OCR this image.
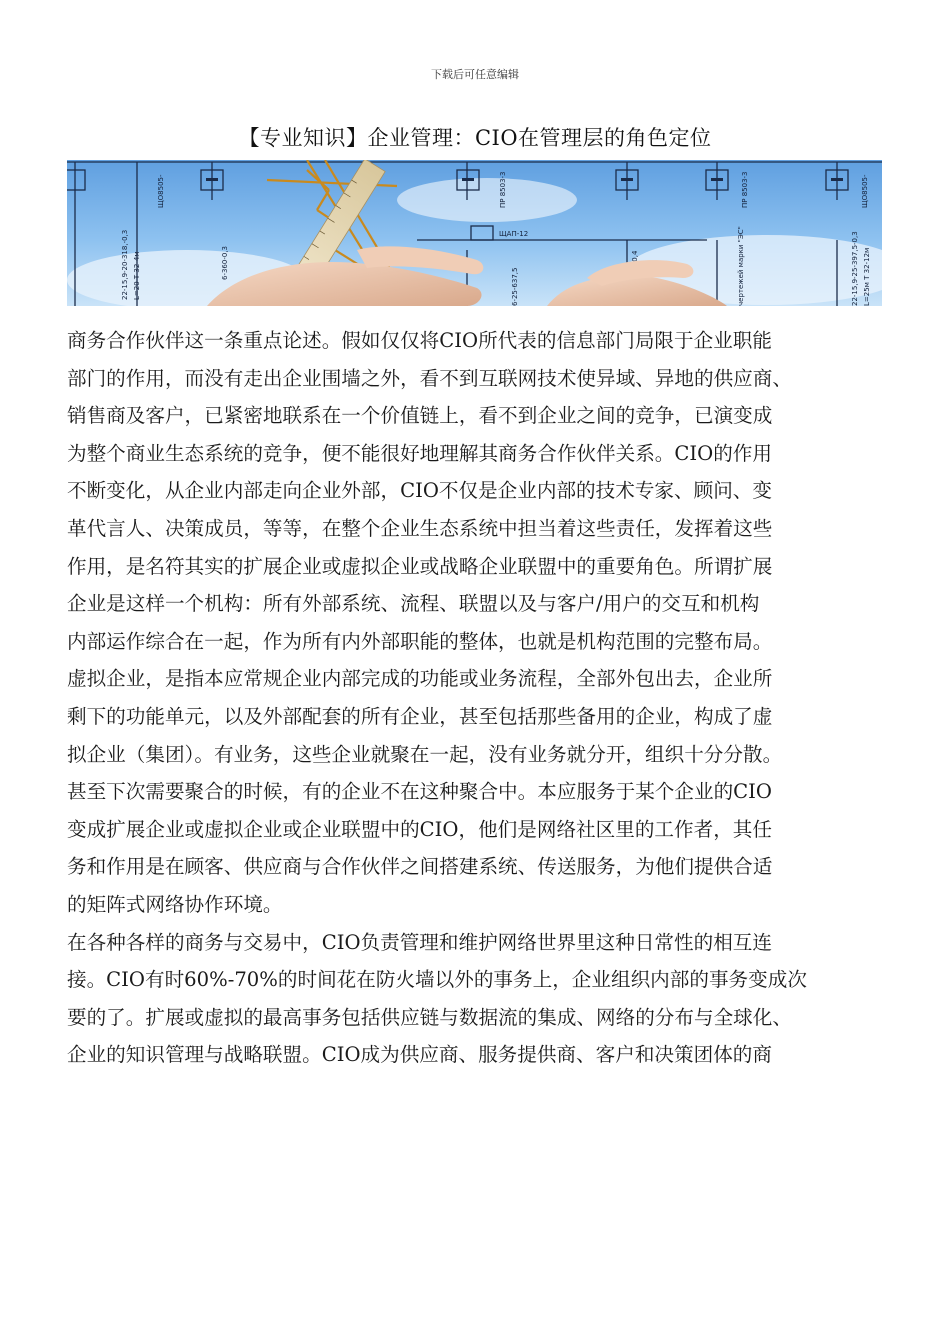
下载后可任意编辑
【专业知识】企业管理：CIO在管理层的角色定位
ЩО8505-	ПР 8503-3
ЩАП-12
ПР 8503-3	ЩО8505-
22-15,9-20-318,-0,3 L=20 T 32-4м	6-360-0,3
6-25-637,5	чертежей марки "ЭС"	22-15,9-25-397,5-0,3 L=25м T 32-12м

商务合作伙伴这一条重点论述。假如仅仅将CIO所代表的信息部门局限于企业职能
部门的作用，而没有走出企业围墙之外，看不到互联网技术使异域、异地的供应商、
销售商及客户，已紧密地联系在一个价值链上，看不到企业之间的竞争，已演变成
为整个商业生态系统的竞争，便不能很好地理解其商务合作伙伴关系。CIO的作用
不断变化，从企业内部走向企业外部，CIO不仅是企业内部的技术专家、顾问、变
革代言人、决策成员，等等，在整个企业生态系统中担当着这些责任，发挥着这些
作用，是名符其实的扩展企业或虚拟企业或战略企业联盟中的重要角色。所谓扩展
企业是这样一个机构：所有外部系统、流程、联盟以及与客户/用户的交互和机构
内部运作综合在一起，作为所有内外部职能的整体，也就是机构范围的完整布局。
虚拟企业，是指本应常规企业内部完成的功能或业务流程，全部外包出去，企业所
剩下的功能单元，以及外部配套的所有企业，甚至包括那些备用的企业，构成了虚
拟企业（集团）。有业务，这些企业就聚在一起，没有业务就分开，组织十分分散。
甚至下次需要聚合的时候，有的企业不在这种聚合中。本应服务于某个企业的CIO
变成扩展企业或虚拟企业或企业联盟中的CIO，他们是网络社区里的工作者，其任
务和作用是在顾客、供应商与合作伙伴之间搭建系统、传送服务，为他们提供合适
的矩阵式网络协作环境。

在各种各样的商务与交易中，CIO负责管理和维护网络世界里这种日常性的相互连
接。CIO有时60%-70%的时间花在防火墙以外的事务上，企业组织内部的事务变成次
要的了。扩展或虚拟的最高事务包括供应链与数据流的集成、网络的分布与全球化、
企业的知识管理与战略联盟。CIO成为供应商、服务提供商、客户和决策团体的商
